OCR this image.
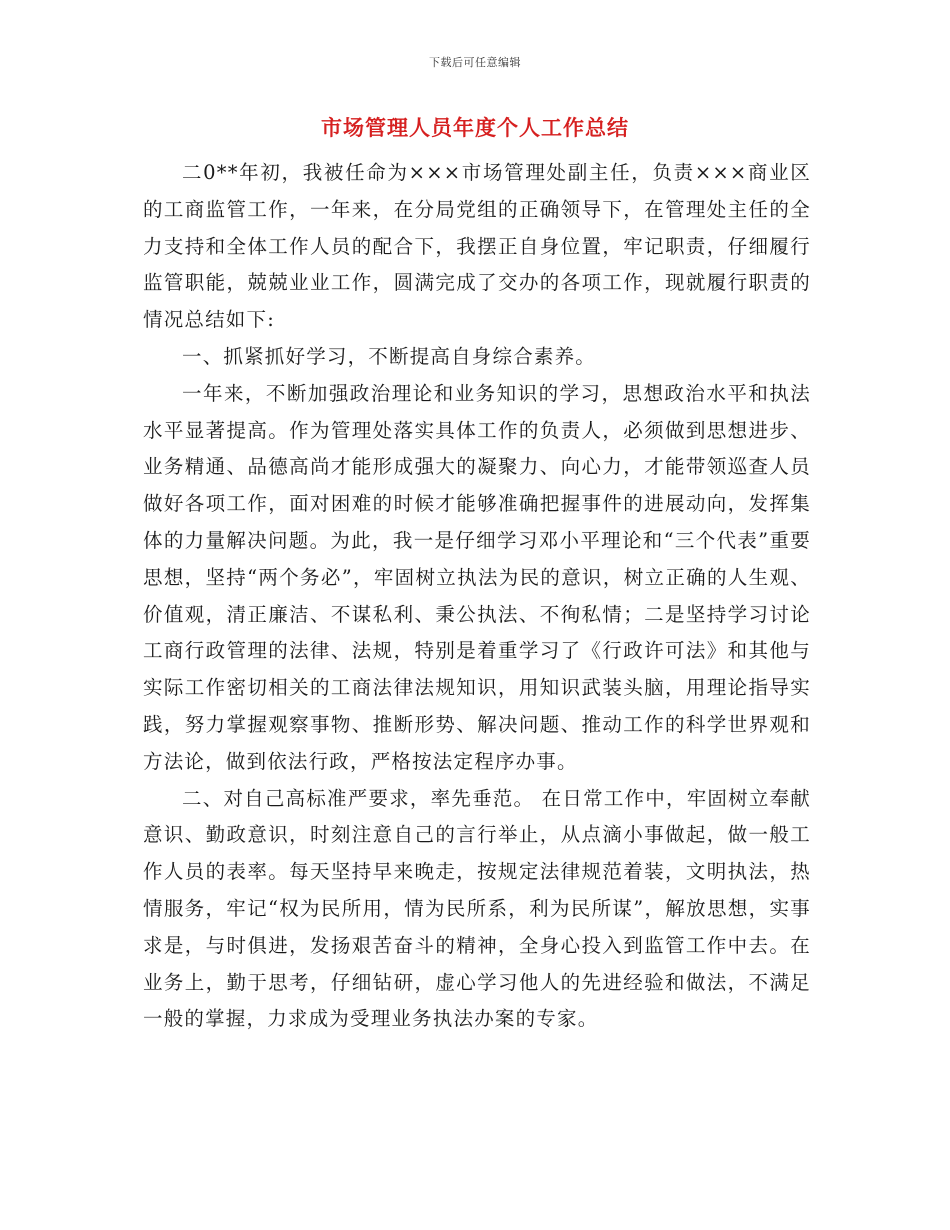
下载后可任意编辑
市场管理人员年度个人工作总结

二0**年初，我被任命为×××市场管理处副主任，负责×××商业区的工商监管工作，一年来，在分局党组的正确领导下，在管理处主任的全力支持和全体工作人员的配合下，我摆正自身位置，牢记职责，仔细履行监管职能，兢兢业业工作，圆满完成了交办的各项工作，现就履行职责的情况总结如下:

一、抓紧抓好学习，不断提高自身综合素养。

一年来，不断加强政治理论和业务知识的学习，思想政治水平和执法水平显著提高。作为管理处落实具体工作的负责人，必须做到思想进步、业务精通、品德高尚才能形成强大的凝聚力、向心力，才能带领巡查人员做好各项工作，面对困难的时候才能够准确把握事件的进展动向，发挥集体的力量解决问题。为此，我一是仔细学习邓小平理论和“三个代表”重要思想，坚持“两个务必”，牢固树立执法为民的意识，树立正确的人生观、价值观，清正廉洁、不谋私利、秉公执法、不徇私情；二是坚持学习讨论工商行政管理的法律、法规，特别是着重学习了《行政许可法》和其他与实际工作密切相关的工商法律法规知识，用知识武装头脑，用理论指导实践，努力掌握观察事物、推断形势、解决问题、推动工作的科学世界观和方法论，做到依法行政，严格按法定程序办事。

二、对自己高标准严要求，率先垂范。 在日常工作中，牢固树立奉献意识、勤政意识，时刻注意自己的言行举止，从点滴小事做起，做一般工作人员的表率。每天坚持早来晚走，按规定法律规范着装，文明执法，热情服务，牢记“权为民所用，情为民所系，利为民所谋”，解放思想，实事求是，与时俱进，发扬艰苦奋斗的精神，全身心投入到监管工作中去。在业务上，勤于思考，仔细钻研，虚心学习他人的先进经验和做法，不满足一般的掌握，力求成为受理业务执法办案的专家。
